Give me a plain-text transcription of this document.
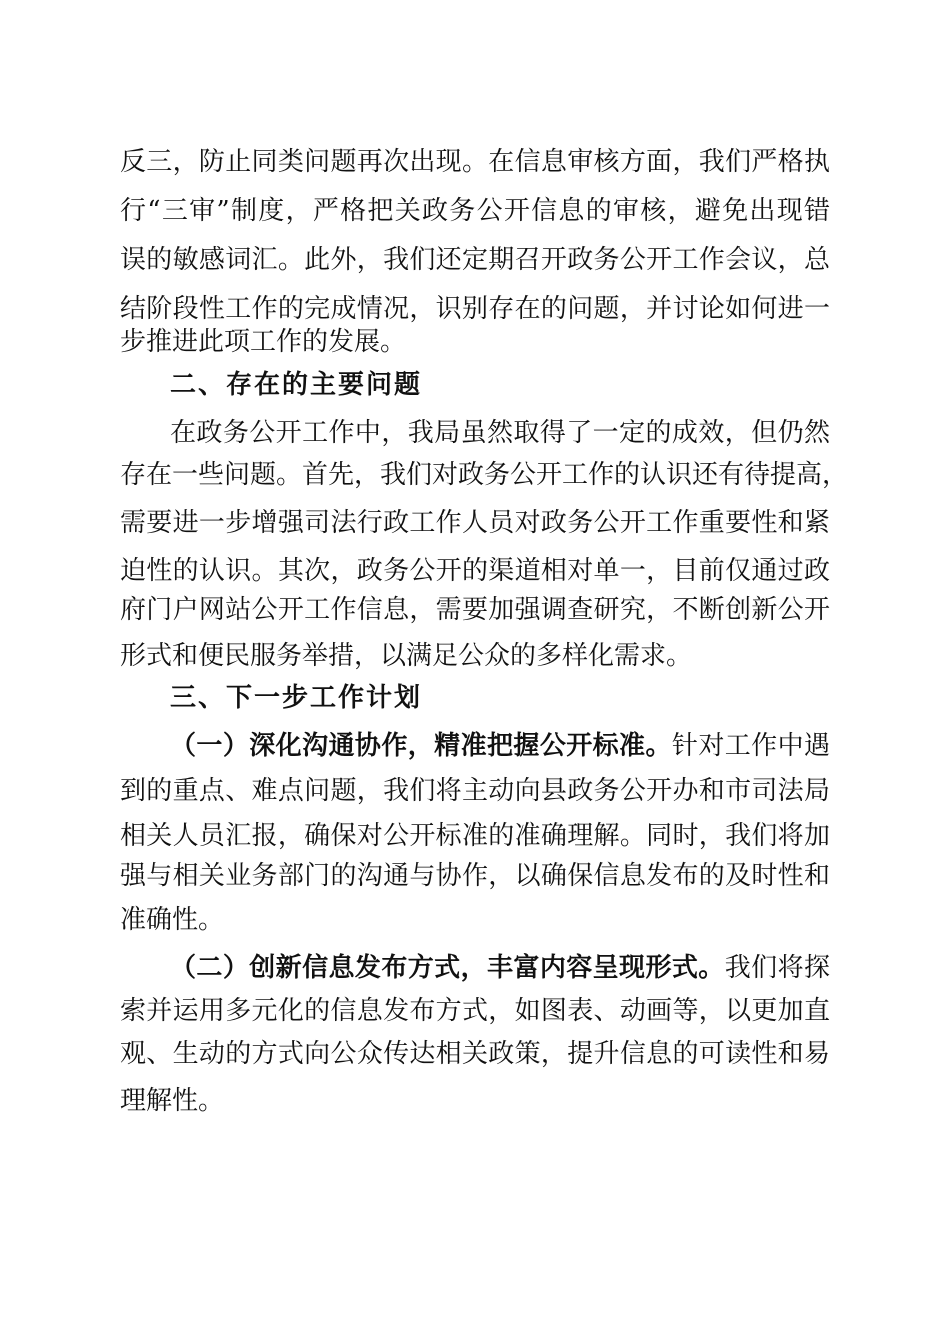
反三，防止同类问题再次出现。在信息审核方面，我们严格执
行“三审”制度，严格把关政务公开信息的审核，避免出现错
误的敏感词汇。此外，我们还定期召开政务公开工作会议，总
结阶段性工作的完成情况，识别存在的问题，并讨论如何进一
步推进此项工作的发展。
二、存在的主要问题
在政务公开工作中，我局虽然取得了一定的成效，但仍然
存在一些问题。首先，我们对政务公开工作的认识还有待提高，
需要进一步增强司法行政工作人员对政务公开工作重要性和紧
迫性的认识。其次，政务公开的渠道相对单一，目前仅通过政
府门户网站公开工作信息，需要加强调查研究，不断创新公开
形式和便民服务举措，以满足公众的多样化需求。
三、下一步工作计划
（一）深化沟通协作，精准把握公开标准。针对工作中遇
到的重点、难点问题，我们将主动向县政务公开办和市司法局
相关人员汇报，确保对公开标准的准确理解。同时，我们将加
强与相关业务部门的沟通与协作，以确保信息发布的及时性和
准确性。
（二）创新信息发布方式，丰富内容呈现形式。我们将探
索并运用多元化的信息发布方式，如图表、动画等，以更加直
观、生动的方式向公众传达相关政策，提升信息的可读性和易
理解性。
